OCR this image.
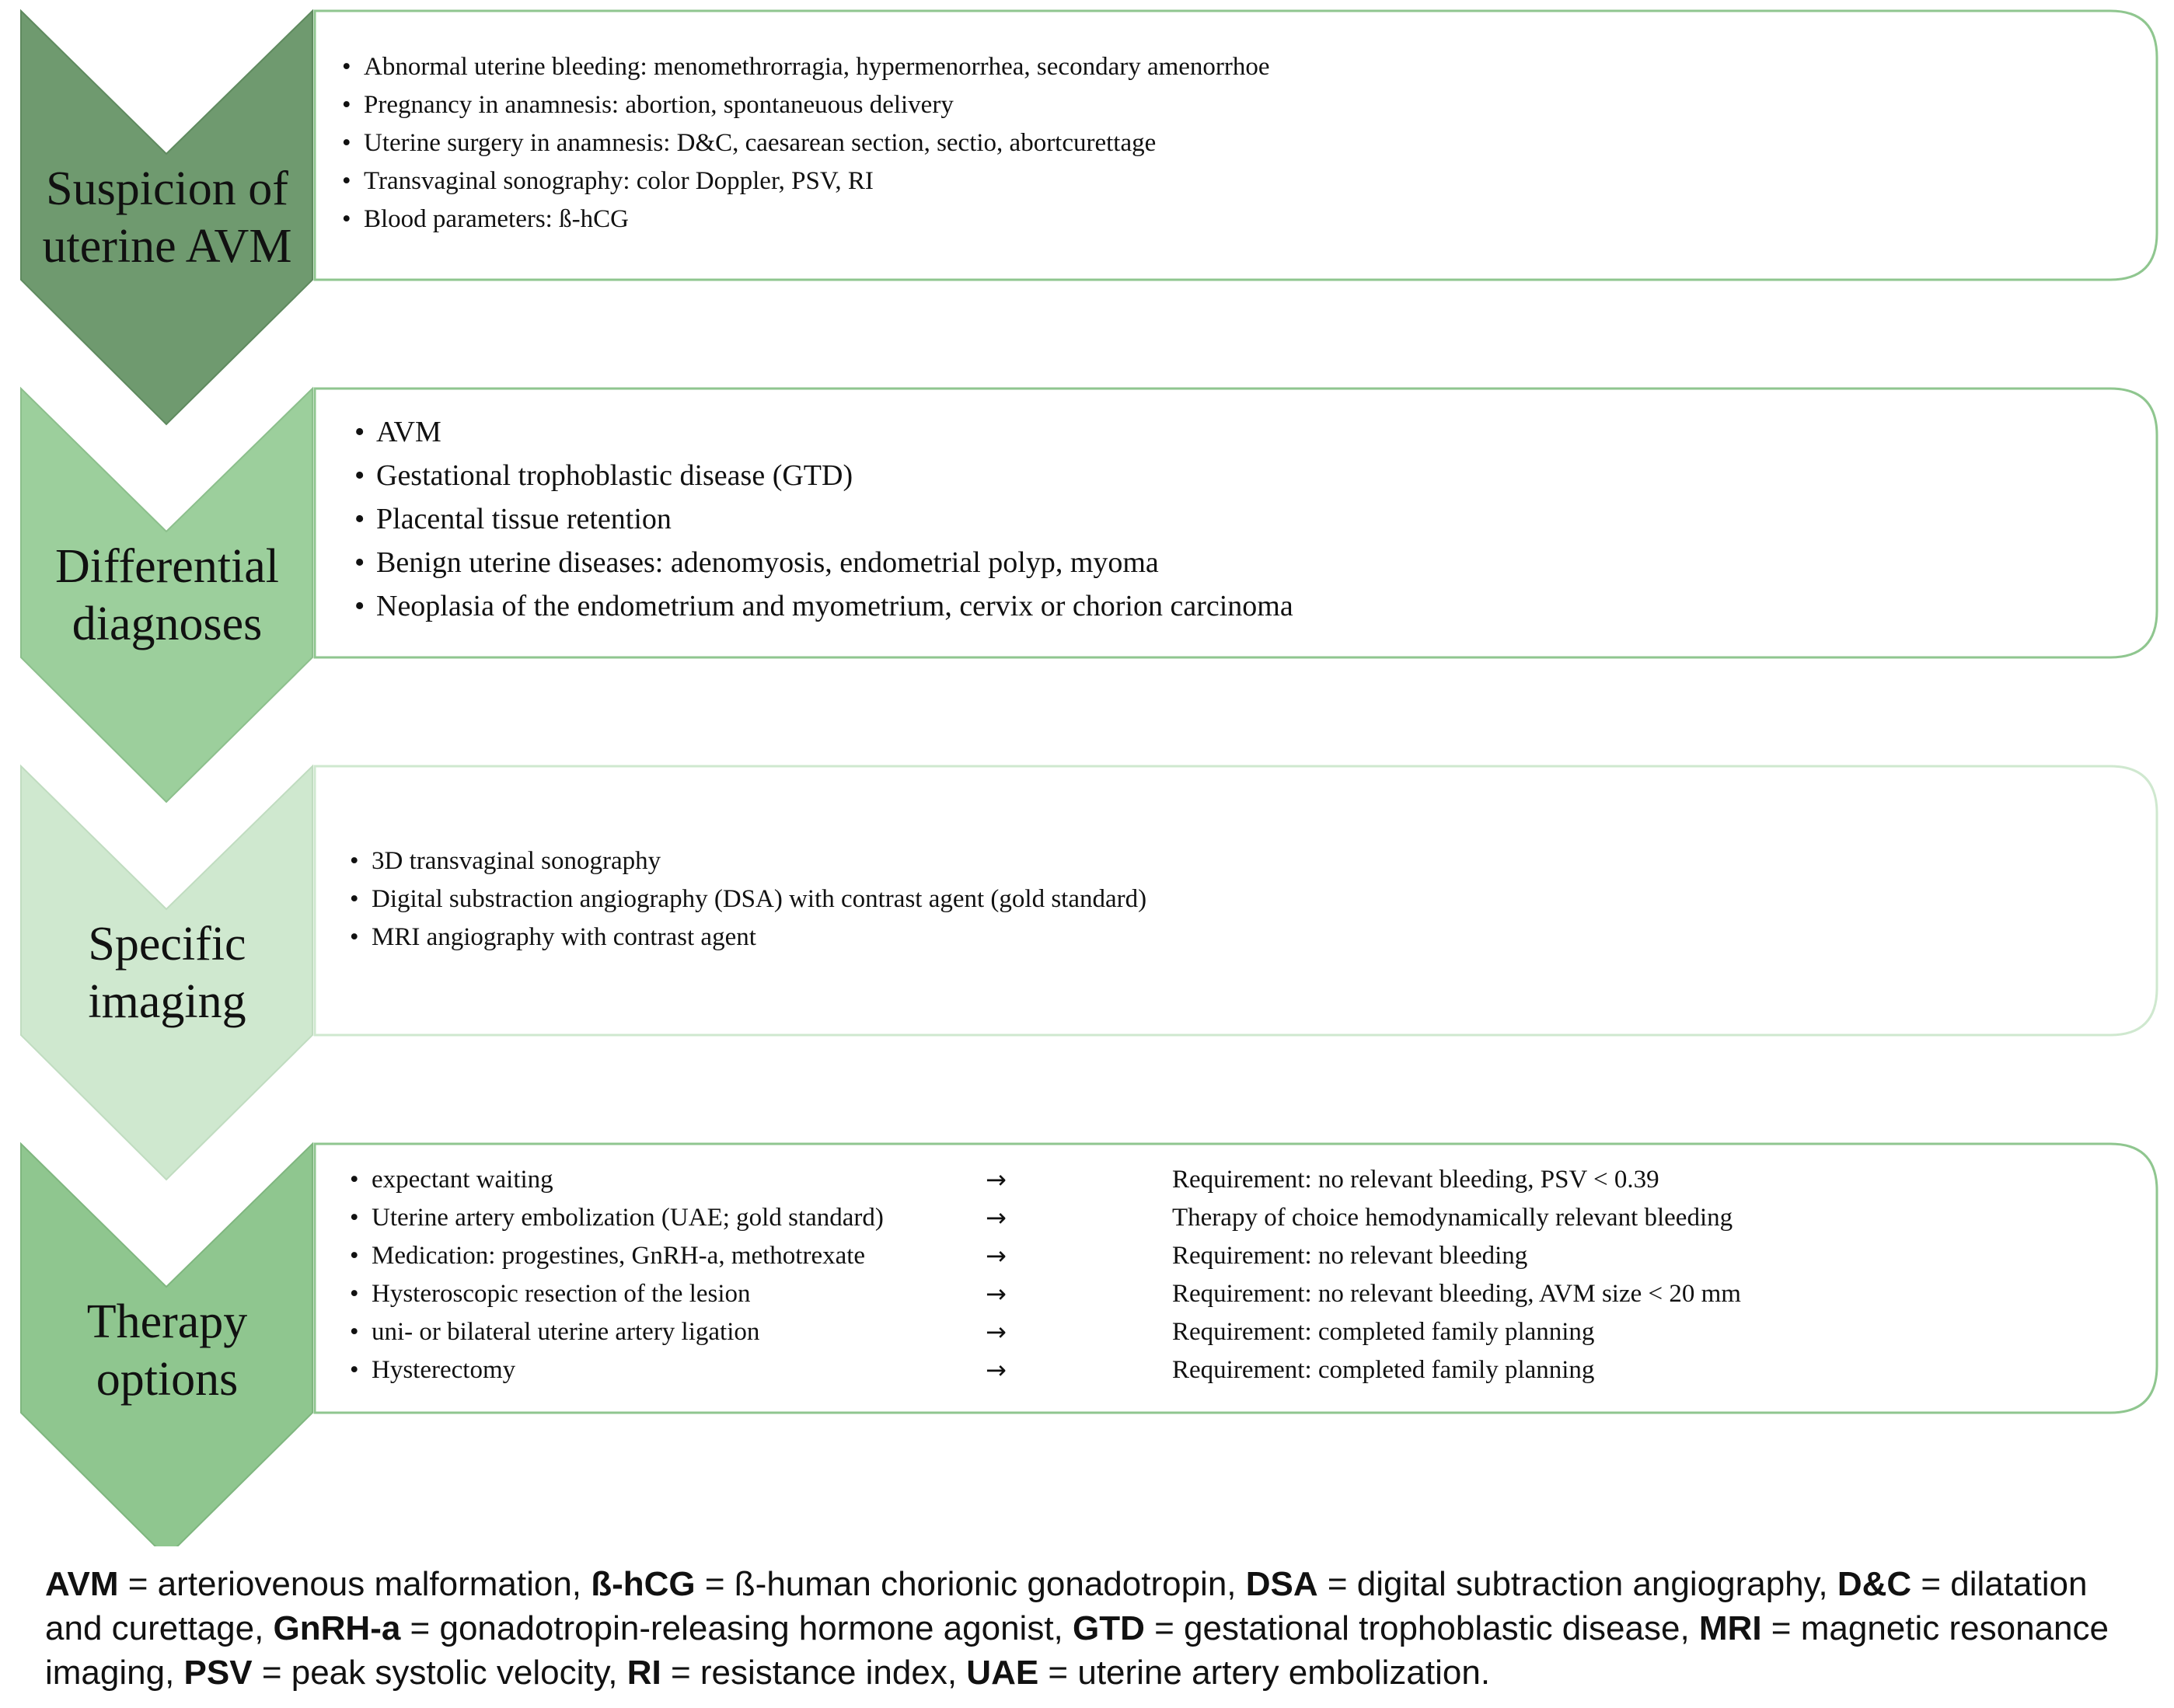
Suspicion of
uterine AVM
Differential
diagnoses
Specific
imaging
Therapy
options
• Abnormal uterine bleeding: menomethrorragia, hypermenorrhea, secondary amenorrhoe
• Pregnancy in anamnesis: abortion, spontaneuous delivery
• Uterine surgery in anamnesis: D&C, caesarean section, sectio, abortcurettage
• Transvaginal sonography: color Doppler, PSV, RI
• Blood parameters: ß-hCG
• AVM
• Gestational trophoblastic disease (GTD)
• Placental tissue retention
• Benign uterine diseases: adenomyosis, endometrial polyp, myoma
• Neoplasia of the endometrium and myometrium, cervix or chorion carcinoma
• 3D transvaginal sonography
• Digital substraction angiography (DSA) with contrast agent (gold standard)
• MRI angiography with contrast agent
• expectant waiting	→	Requirement: no relevant bleeding, PSV < 0.39
• Uterine artery embolization (UAE; gold standard)	→	Therapy of choice hemodynamically relevant bleeding
• Medication: progestines, GnRH-a, methotrexate	→	Requirement: no relevant bleeding
• Hysteroscopic resection of the lesion	→	Requirement: no relevant bleeding, AVM size < 20 mm
• uni- or bilateral uterine artery ligation	→	Requirement: completed family planning
• Hysterectomy	→	Requirement: completed family planning
AVM = arteriovenous malformation, ß-hCG = ß-human chorionic gonadotropin, DSA = digital subtraction angiography, D&C = dilatation and curettage, GnRH-a = gonadotropin-releasing hormone agonist, GTD = gestational trophoblastic disease, MRI = magnetic resonance imaging, PSV = peak systolic velocity, RI = resistance index, UAE = uterine artery embolization.
